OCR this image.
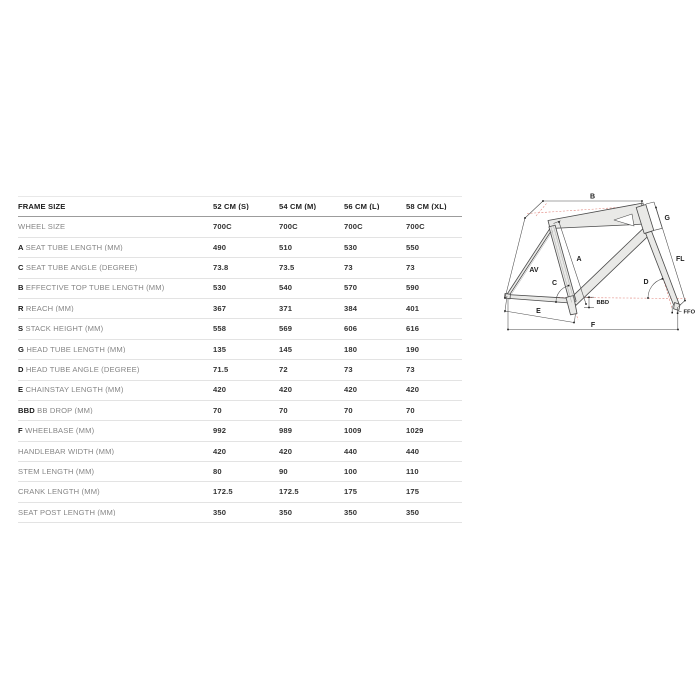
FRAME SIZE	52 CM (S)	54 CM (M)	56 CM (L)	58 CM (XL)
WHEEL SIZE	700C	700C	700C	700C
A SEAT TUBE LENGTH (MM)	490	510	530	550
C SEAT TUBE ANGLE (DEGREE)	73.8	73.5	73	73
B EFFECTIVE TOP TUBE LENGTH (MM)	530	540	570	590
R REACH (MM)	367	371	384	401
S STACK HEIGHT (MM)	558	569	606	616
G HEAD TUBE LENGTH (MM)	135	145	180	190
D HEAD TUBE ANGLE (DEGREE)	71.5	72	73	73
E CHAINSTAY LENGTH (MM)	420	420	420	420
BBD BB DROP (MM)	70	70	70	70
F WHEELBASE (MM)	992	989	1009	1029
HANDLEBAR WIDTH (MM)	420	420	440	440
STEM LENGTH (MM)	80	90	100	110
CRANK LENGTH (MM)	172.5	172.5	175	175
SEAT POST LENGTH (MM)	350	350	350	350
B
G
FL
A
AV
C	D
E
F
BBD
FFO
